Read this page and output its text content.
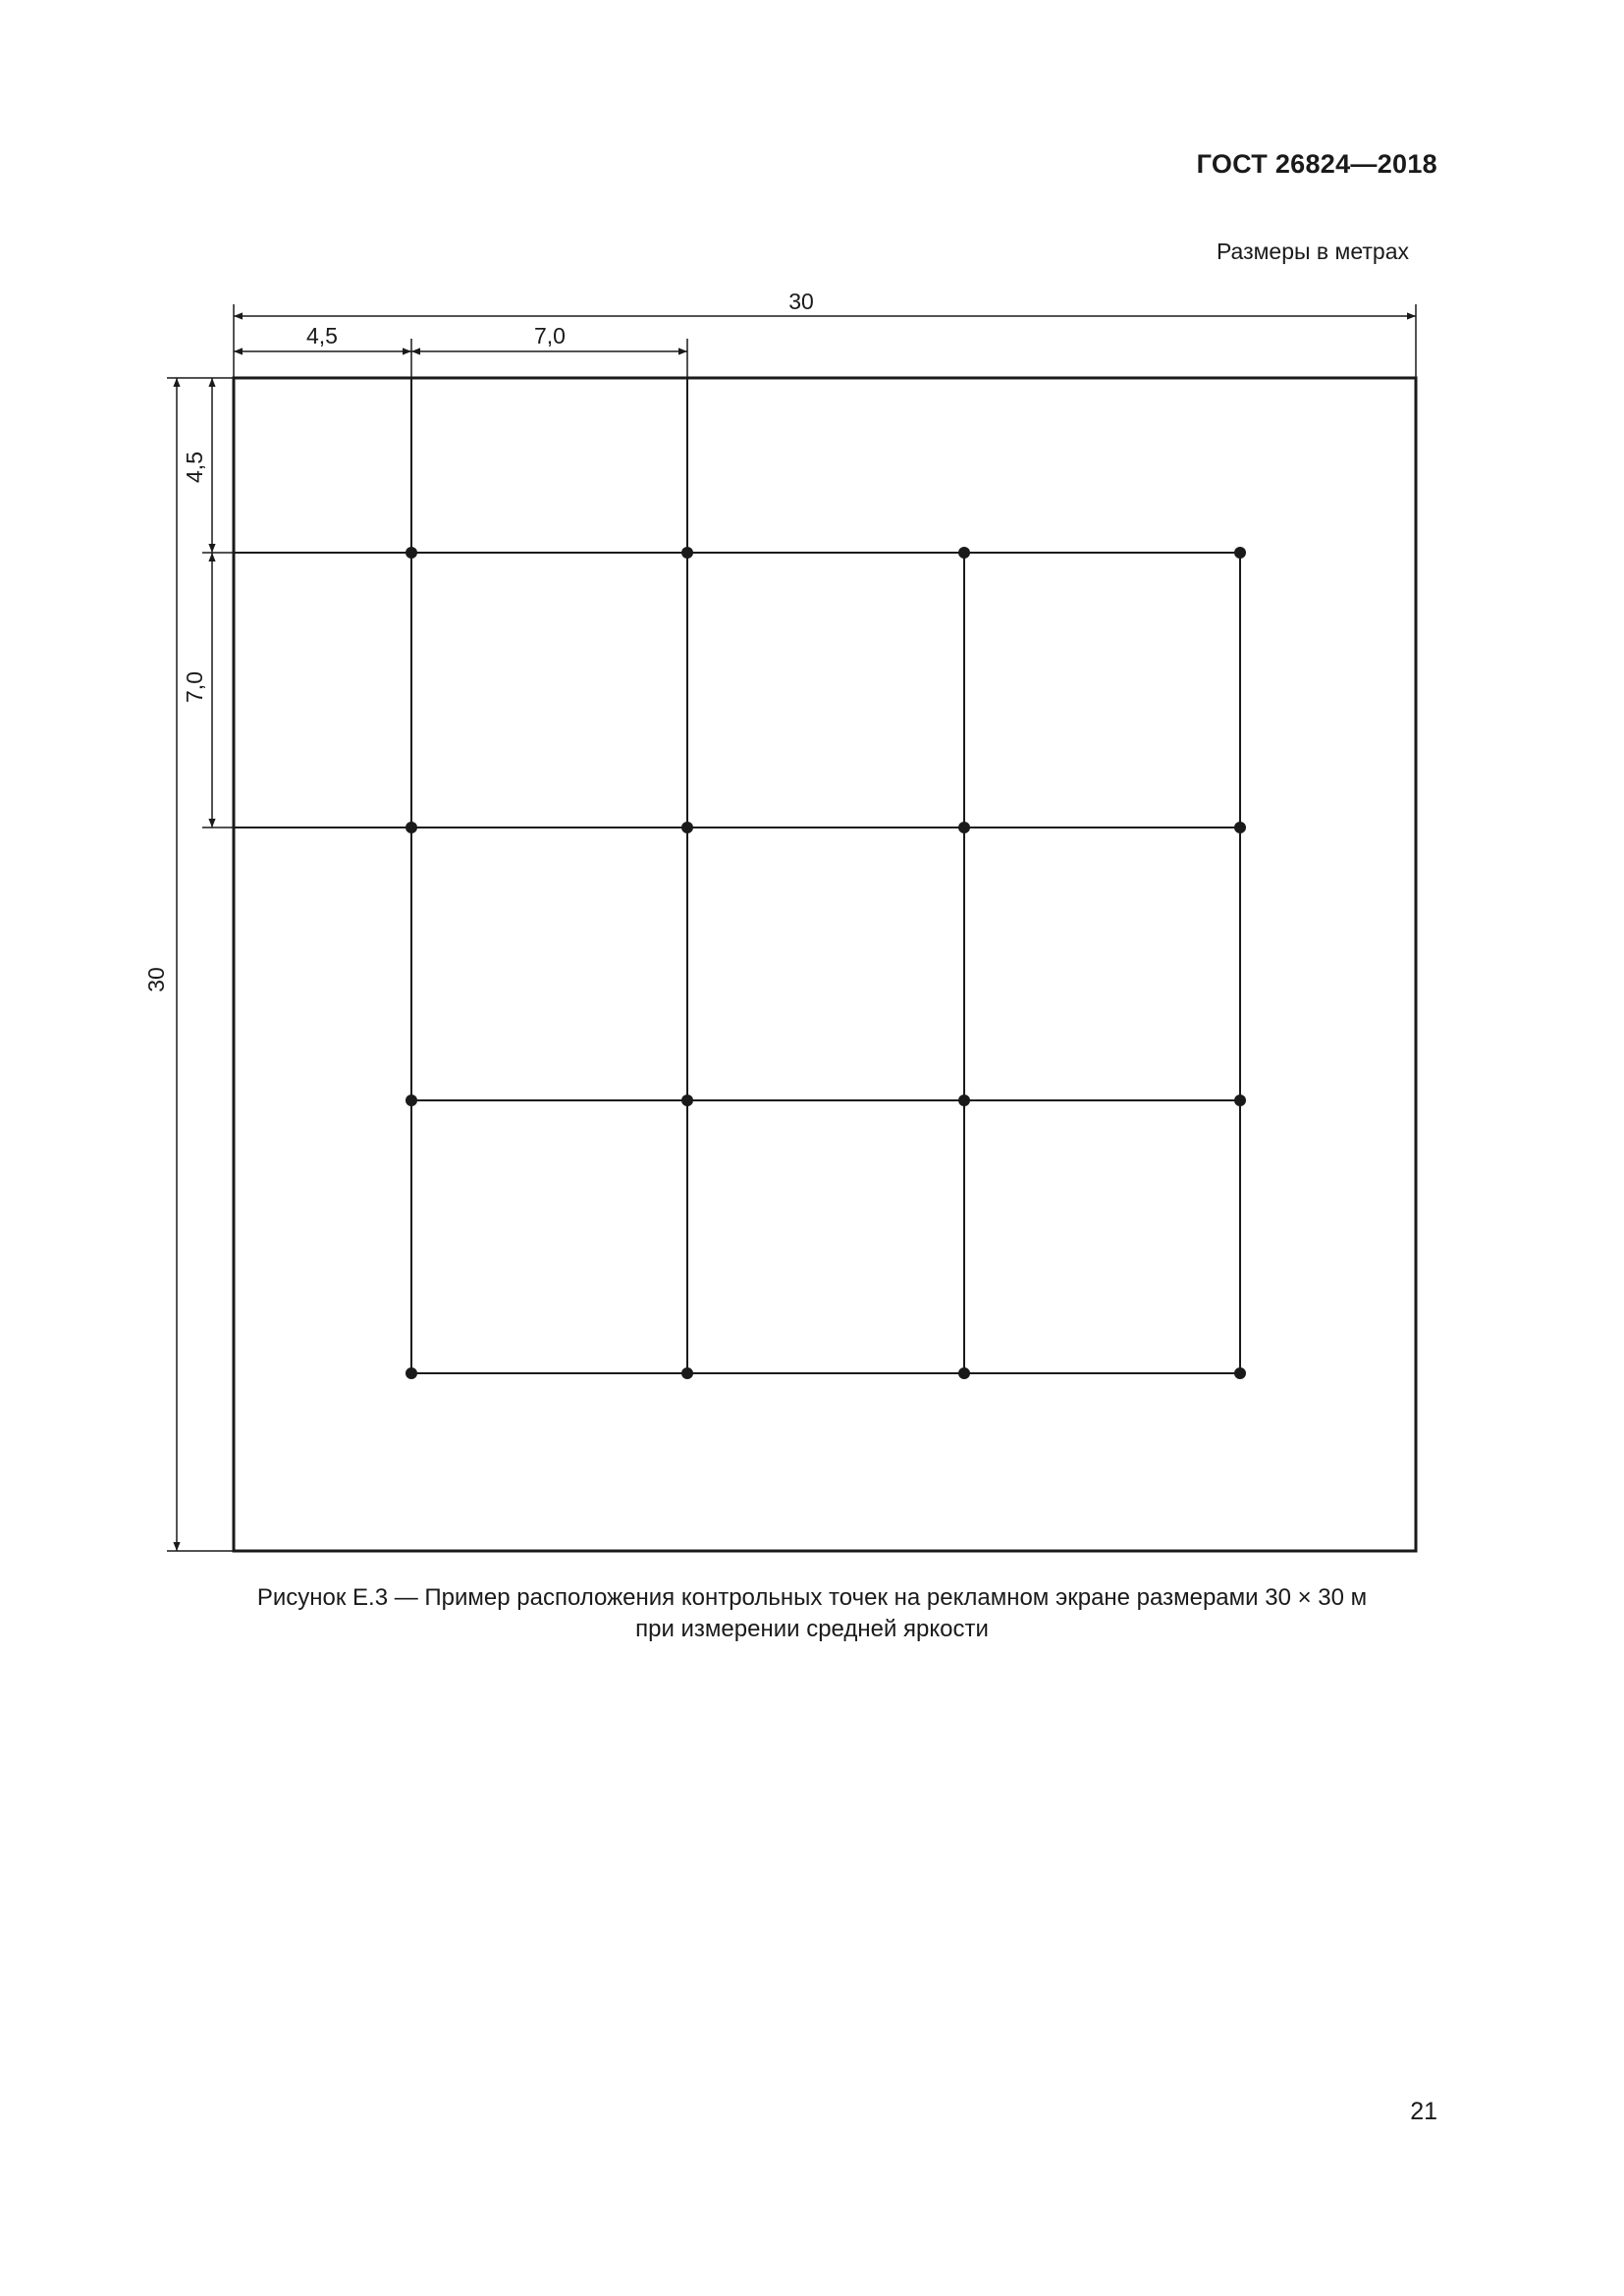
ГОСТ 26824—2018
Размеры в метрах
30
4,5	7,0
30
4,5
7,0
Рисунок Е.3 — Пример расположения контрольных точек на рекламном экране размерами 30 × 30 м
при измерении средней яркости
21
